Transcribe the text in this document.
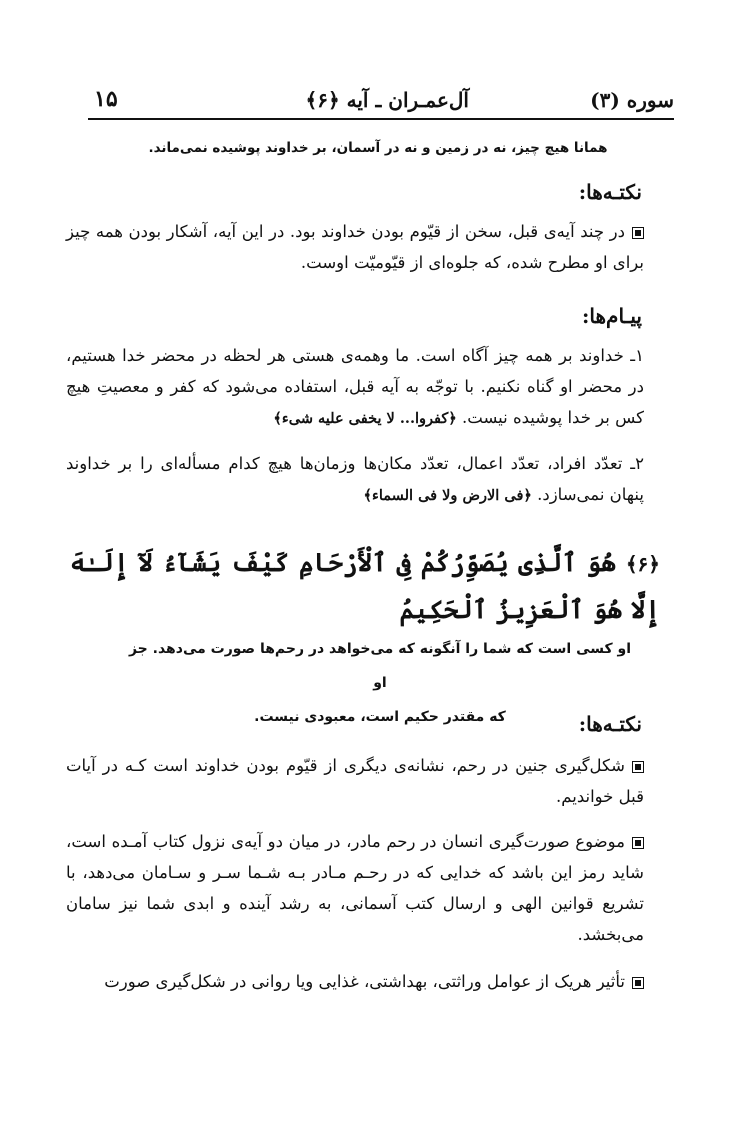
سوره (۳)
آل‌عمـران ـ آیه ﴿۶﴾
۱۵
همانا هیچ چیز، نه در زمین و نه در آسمان، بر خداوند پوشیده نمی‌ماند.
نکتـه‌ها:
در چند آیه‌ی قبل، سخن از قیّوم بودن خداوند بود. در این آیه، آشکار بودن همه چیز برای او مطرح شده، که جلوه‌ای از قیّومیّت اوست.
پیـام‌ها:
۱ـ خداوند بر همه چیز آگاه است. ما وهمه‌ی هستی هر لحظه در محضر خدا هستیم، در محضر او گناه نکنیم. با توجّه به آیه قبل، استفاده می‌شود که کفر و معصیتِ هیچ کس بر خدا پوشیده نیست. ﴿کفروا... لا یخفی علیه شیء﴾
۲ـ تعدّد افراد، تعدّد اعمال، تعدّد مکان‌ها وزمان‌ها هیچ کدام مسأله‌ای را بر خداوند پنهان نمی‌سازد. ﴿فی الارض ولا فی السماء﴾
﴿۶﴾هُوَ ٱلَّذِى يُصَوِّرُكُمْ فِى ٱلْأَرْحَامِ كَيْفَ يَشَآءُ لَآ إِلَـٰهَ إِلَّا هُوَ ٱلْعَزِيزُ ٱلْحَكِيمُ
او کسی است که شما را آنگونه که می‌خواهد در رحم‌ها صورت می‌دهد. جز او
که مقتدر حکیم است، معبودی نیست.	نکتـه‌ها:
شکل‌گیری جنین در رحم، نشانه‌ی دیگری از قیّوم بودن خداوند است کـه در آیات قبل خواندیم.
موضوع صورت‌گیری انسان در رحم مادر، در میان دو آیه‌ی نزول کتاب آمـده است، شاید رمز این باشد که خدایی که در رحـم مـادر بـه شـما سـر و سـامان می‌دهد، با تشریع قوانین الهی و ارسال کتب آسمانی، به رشد آینده و ابدی شما نیز سامان می‌بخشد.
تأثیر هریک از عوامل وراثتی، بهداشتی، غذایی ویا روانی در شکل‌گیری صورت
